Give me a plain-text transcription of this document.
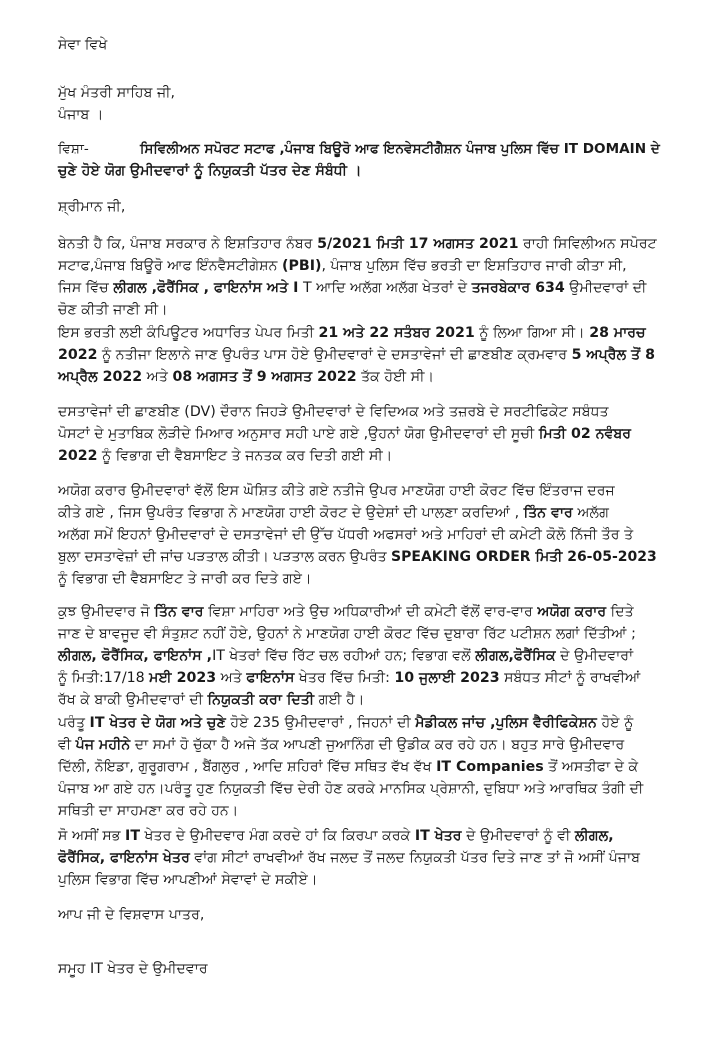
ਸੇਵਾ ਵਿਖੇ

ਮੁੱਖ ਮੰਤਰੀ ਸਾਹਿਬ ਜੀ,
ਪੰਜਾਬ ।
ਵਿਸ਼ਾ-	ਸਿਵਿਲੀਅਨ ਸਪੋਰਟ ਸਟਾਫ ,ਪੰਜਾਬ ਬਿਊਰੋ ਆਫ ਇਨਵੇਸਟੀਗੈਸ਼ਨ ਪੰਜਾਬ ਪੁਲਿਸ ਵਿੱਚ IT DOMAIN ਦੇ
ਚੁਣੇ ਹੋਏ ਯੋਗ ਉਮੀਦਵਾਰਾਂ ਨੂੰ ਨਿਯੁਕਤੀ ਪੱਤਰ ਦੇਣ ਸੰਬੰਧੀ ।

ਸ਼੍ਰੀਮਾਨ ਜੀ,

ਬੇਨਤੀ ਹੈ ਕਿ, ਪੰਜਾਬ ਸਰਕਾਰ ਨੇ ਇਸ਼ਤਿਹਾਰ ਨੰਬਰ 5/2021 ਮਿਤੀ 17 ਅਗਸਤ 2021 ਰਾਹੀ ਸਿਵਿਲੀਅਨ ਸਪੋਰਟ
ਸਟਾਫ,ਪੰਜਾਬ ਬਿਊਰੋ ਆਫ ਇੰਨਵੈਸਟੀਗੇਸ਼ਨ (PBI), ਪੰਜਾਬ ਪੁਲਿਸ ਵਿੱਚ ਭਰਤੀ ਦਾ ਇਸ਼ਤਿਹਾਰ ਜਾਰੀ ਕੀਤਾ ਸੀ,
ਜਿਸ ਵਿੱਚ ਲੀਗਲ ,ਫੋਰੈਂਸਿਕ , ਫਾਇਨਾਂਸ ਅਤੇ I T ਆਦਿ ਅਲੱਗ ਅਲੱਗ ਖੇਤਰਾਂ ਦੇ ਤਜਰਬੇਕਾਰ 634 ਉਮੀਦਵਾਰਾਂ ਦੀ
ਚੋਣ ਕੀਤੀ ਜਾਣੀ ਸੀ।
ਇਸ ਭਰਤੀ ਲਈ ਕੰਪਿਊਟਰ ਅਧਾਰਿਤ ਪੇਪਰ ਮਿਤੀ 21 ਅਤੇ 22 ਸਤੰਬਰ 2021 ਨੂੰ ਲਿਆ ਗਿਆ ਸੀ। 28 ਮਾਰਚ
2022 ਨੂੰ ਨਤੀਜਾ ਇਲਾਨੇ ਜਾਣ ਉਪਰੰਤ ਪਾਸ ਹੋਏ ਉਮੀਦਵਾਰਾਂ ਦੇ ਦਸਤਾਵੇਜਾਂ ਦੀ ਛਾਣਬੀਣ ਕ੍ਰਮਵਾਰ 5 ਅਪ੍ਰੈਲ ਤੋਂ 8
ਅਪ੍ਰੈਲ 2022 ਅਤੇ 08 ਅਗਸਤ ਤੋਂ 9 ਅਗਸਤ 2022 ਤੱਕ ਹੋਈ ਸੀ।
ਦਸਤਾਵੇਜਾਂ ਦੀ ਛਾਣਬੀਣ (DV) ਦੌਰਾਨ ਜਿਹੜੇ ਉਮੀਦਵਾਰਾਂ ਦੇ ਵਿਦਿਅਕ ਅਤੇ ਤਜ਼ਰਬੇ ਦੇ ਸਰਟੀਫਿਕੇਟ ਸਬੰਧਤ
ਪੋਸਟਾਂ ਦੇ ਮੁਤਾਬਿਕ ਲੋੜੀਦੇ ਮਿਆਰ ਅਨੁਸਾਰ ਸਹੀ ਪਾਏ ਗਏ ,ਉਹਨਾਂ ਯੋਗ ਉਮੀਦਵਾਰਾਂ ਦੀ ਸੂਚੀ ਮਿਤੀ 02 ਨਵੰਬਰ
2022 ਨੂੰ ਵਿਭਾਗ ਦੀ ਵੈਬਸਾਇਟ ਤੇ ਜਨਤਕ ਕਰ ਦਿਤੀ ਗਈ ਸੀ।
ਅਯੋਗ ਕਰਾਰ ਉਮੀਦਵਾਰਾਂ ਵੱਲੋਂ ਇਸ ਘੋਸ਼ਿਤ ਕੀਤੇ ਗਏ ਨਤੀਜੇ ਉਪਰ ਮਾਣਯੋਗ ਹਾਈ ਕੋਰਟ ਵਿੱਚ ਇੰਤਰਾਜ ਦਰਜ
ਕੀਤੇ ਗਏ , ਜਿਸ ਉਪਰੰਤ ਵਿਭਾਗ ਨੇ ਮਾਣਯੋਗ ਹਾਈ ਕੋਰਟ ਦੇ ਉਦੇਸ਼ਾਂ ਦੀ ਪਾਲਣਾ ਕਰਦਿਆਂ , ਤਿੰਨ ਵਾਰ ਅਲੱਗ
ਅਲੱਗ ਸਮੇਂ ਇਹਨਾਂ ਉਮੀਦਵਾਰਾਂ ਦੇ ਦਸਤਾਵੇਜਾਂ ਦੀ ਉੱਚ ਪੱਧਰੀ ਅਫਸਰਾਂ ਅਤੇ ਮਾਹਿਰਾਂ ਦੀ ਕਮੇਟੀ ਕੋਲੋ ਨਿੱਜੀ ਤੌਰ ਤੇ
ਬੁਲਾ ਦਸਤਾਵੇਜ਼ਾਂ ਦੀ ਜਾਂਚ ਪੜਤਾਲ ਕੀਤੀ। ਪੜਤਾਲ ਕਰਨ ਉਪਰੰਤ SPEAKING ORDER ਮਿਤੀ 26-05-2023
ਨੂੰ ਵਿਭਾਗ ਦੀ ਵੈਬਸਾਇਟ ਤੇ ਜਾਰੀ ਕਰ ਦਿਤੇ ਗਏ।
ਕੁਝ ਉਮੀਦਵਾਰ ਜੋ ਤਿੰਨ ਵਾਰ ਵਿਸ਼ਾ ਮਾਹਿਰਾ ਅਤੇ ਉਚ ਅਧਿਕਾਰੀਆਂ ਦੀ ਕਮੇਟੀ ਵੱਲੋਂ ਵਾਰ-ਵਾਰ ਅਯੋਗ ਕਰਾਰ ਦਿਤੇ
ਜਾਣ ਦੇ ਬਾਵਜੂਦ ਵੀ ਸੰਤੁਸ਼ਟ ਨਹੀਂ ਹੋਏ, ਉਹਨਾਂ ਨੇ ਮਾਣਯੋਗ ਹਾਈ ਕੋਰਟ ਵਿੱਚ ਦੁਬਾਰਾ ਰਿੱਟ ਪਟੀਸ਼ਨ ਲਗਾਂ ਦਿੱਤੀਆਂ ;
ਲੀਗਲ, ਫੋਰੈਂਸਿਕ, ਫਾਇਨਾਂਸ ,IT ਖੇਤਰਾਂ ਵਿੱਚ ਰਿੱਟ ਚਲ ਰਹੀਆਂ ਹਨ; ਵਿਭਾਗ ਵਲੋਂ ਲੀਗਲ,ਫੋਰੈਂਸਿਕ ਦੇ ਉਮੀਦਵਾਰਾਂ
ਨੂੰ ਮਿਤੀ:17/18 ਮਈ 2023 ਅਤੇ ਫਾਇਨਾਂਸ ਖੇਤਰ ਵਿੱਚ ਮਿਤੀ: 10 ਜੁਲਾਈ 2023 ਸਬੰਧਤ ਸੀਟਾਂ ਨੂੰ ਰਾਖਵੀਆਂ
ਰੱਖ ਕੇ ਬਾਕੀ ਉਮੀਦਵਾਰਾਂ ਦੀ ਨਿਯੁਕਤੀ ਕਰਾ ਦਿਤੀ ਗਈ ਹੈ।
ਪਰੰਤੂ IT ਖੇਤਰ ਦੇ ਯੋਗ ਅਤੇ ਚੁਣੇ ਹੋਏ 235 ਉਮੀਦਵਾਰਾਂ , ਜਿਹਨਾਂ ਦੀ ਮੈਡੀਕਲ ਜਾਂਚ ,ਪੁਲਿਸ ਵੈਰੀਫਿਕੇਸ਼ਨ ਹੋਏ ਨੂੰ
ਵੀ ਪੰਜ ਮਹੀਨੇ ਦਾ ਸਮਾਂ ਹੋ ਚੁੱਕਾ ਹੈ ਅਜੇ ਤੱਕ ਆਪਣੀ ਜੁਆਨਿੰਗ ਦੀ ਉਡੀਕ ਕਰ ਰਹੇ ਹਨ। ਬਹੁਤ ਸਾਰੇ ਉਮੀਦਵਾਰ
ਦਿੱਲੀ, ਨੋਇਡਾ, ਗੁਰੂਗਰਾਮ , ਬੈਂਗਲੁਰ , ਆਦਿ ਸ਼ਹਿਰਾਂ ਵਿੱਚ ਸਥਿਤ ਵੱਖ ਵੱਖ IT Companies ਤੋਂ ਅਸਤੀਫਾ ਦੇ ਕੇ
ਪੰਜਾਬ ਆ ਗਏ ਹਨ।ਪਰੰਤੂ ਹੁਣ ਨਿਯੁਕਤੀ ਵਿੱਚ ਦੇਰੀ ਹੋਣ ਕਰਕੇ ਮਾਨਸਿਕ ਪ੍ਰੇਸ਼ਾਨੀ, ਦੁਬਿਧਾ ਅਤੇ ਆਰਥਿਕ ਤੰਗੀ ਦੀ
ਸਥਿਤੀ ਦਾ ਸਾਹਮਣਾ ਕਰ ਰਹੇ ਹਨ।
ਸੋ ਅਸੀਂ ਸਭ IT ਖੇਤਰ ਦੇ ਉਮੀਦਵਾਰ ਮੰਗ ਕਰਦੇ ਹਾਂ ਕਿ ਕਿਰਪਾ ਕਰਕੇ IT ਖੇਤਰ ਦੇ ਉਮੀਦਵਾਰਾਂ ਨੂੰ ਵੀ ਲੀਗਲ,
ਫੋਰੈਂਸਿਕ, ਫਾਇਨਾਂਸ ਖੇਤਰ ਵਾਂਗ ਸੀਟਾਂ ਰਾਖਵੀਆਂ ਰੱਖ ਜਲਦ ਤੋਂ ਜਲਦ ਨਿਯੁਕਤੀ ਪੱਤਰ ਦਿਤੇ ਜਾਣ ਤਾਂ ਜੋ ਅਸੀਂ ਪੰਜਾਬ
ਪੁਲਿਸ ਵਿਭਾਗ ਵਿੱਚ ਆਪਣੀਆਂ ਸੇਵਾਵਾਂ ਦੇ ਸਕੀਏ।

ਆਪ ਜੀ ਦੇ ਵਿਸ਼ਵਾਸ ਪਾਤਰ,

ਸਮੂਹ IT ਖੇਤਰ ਦੇ ਉਮੀਦਵਾਰ
